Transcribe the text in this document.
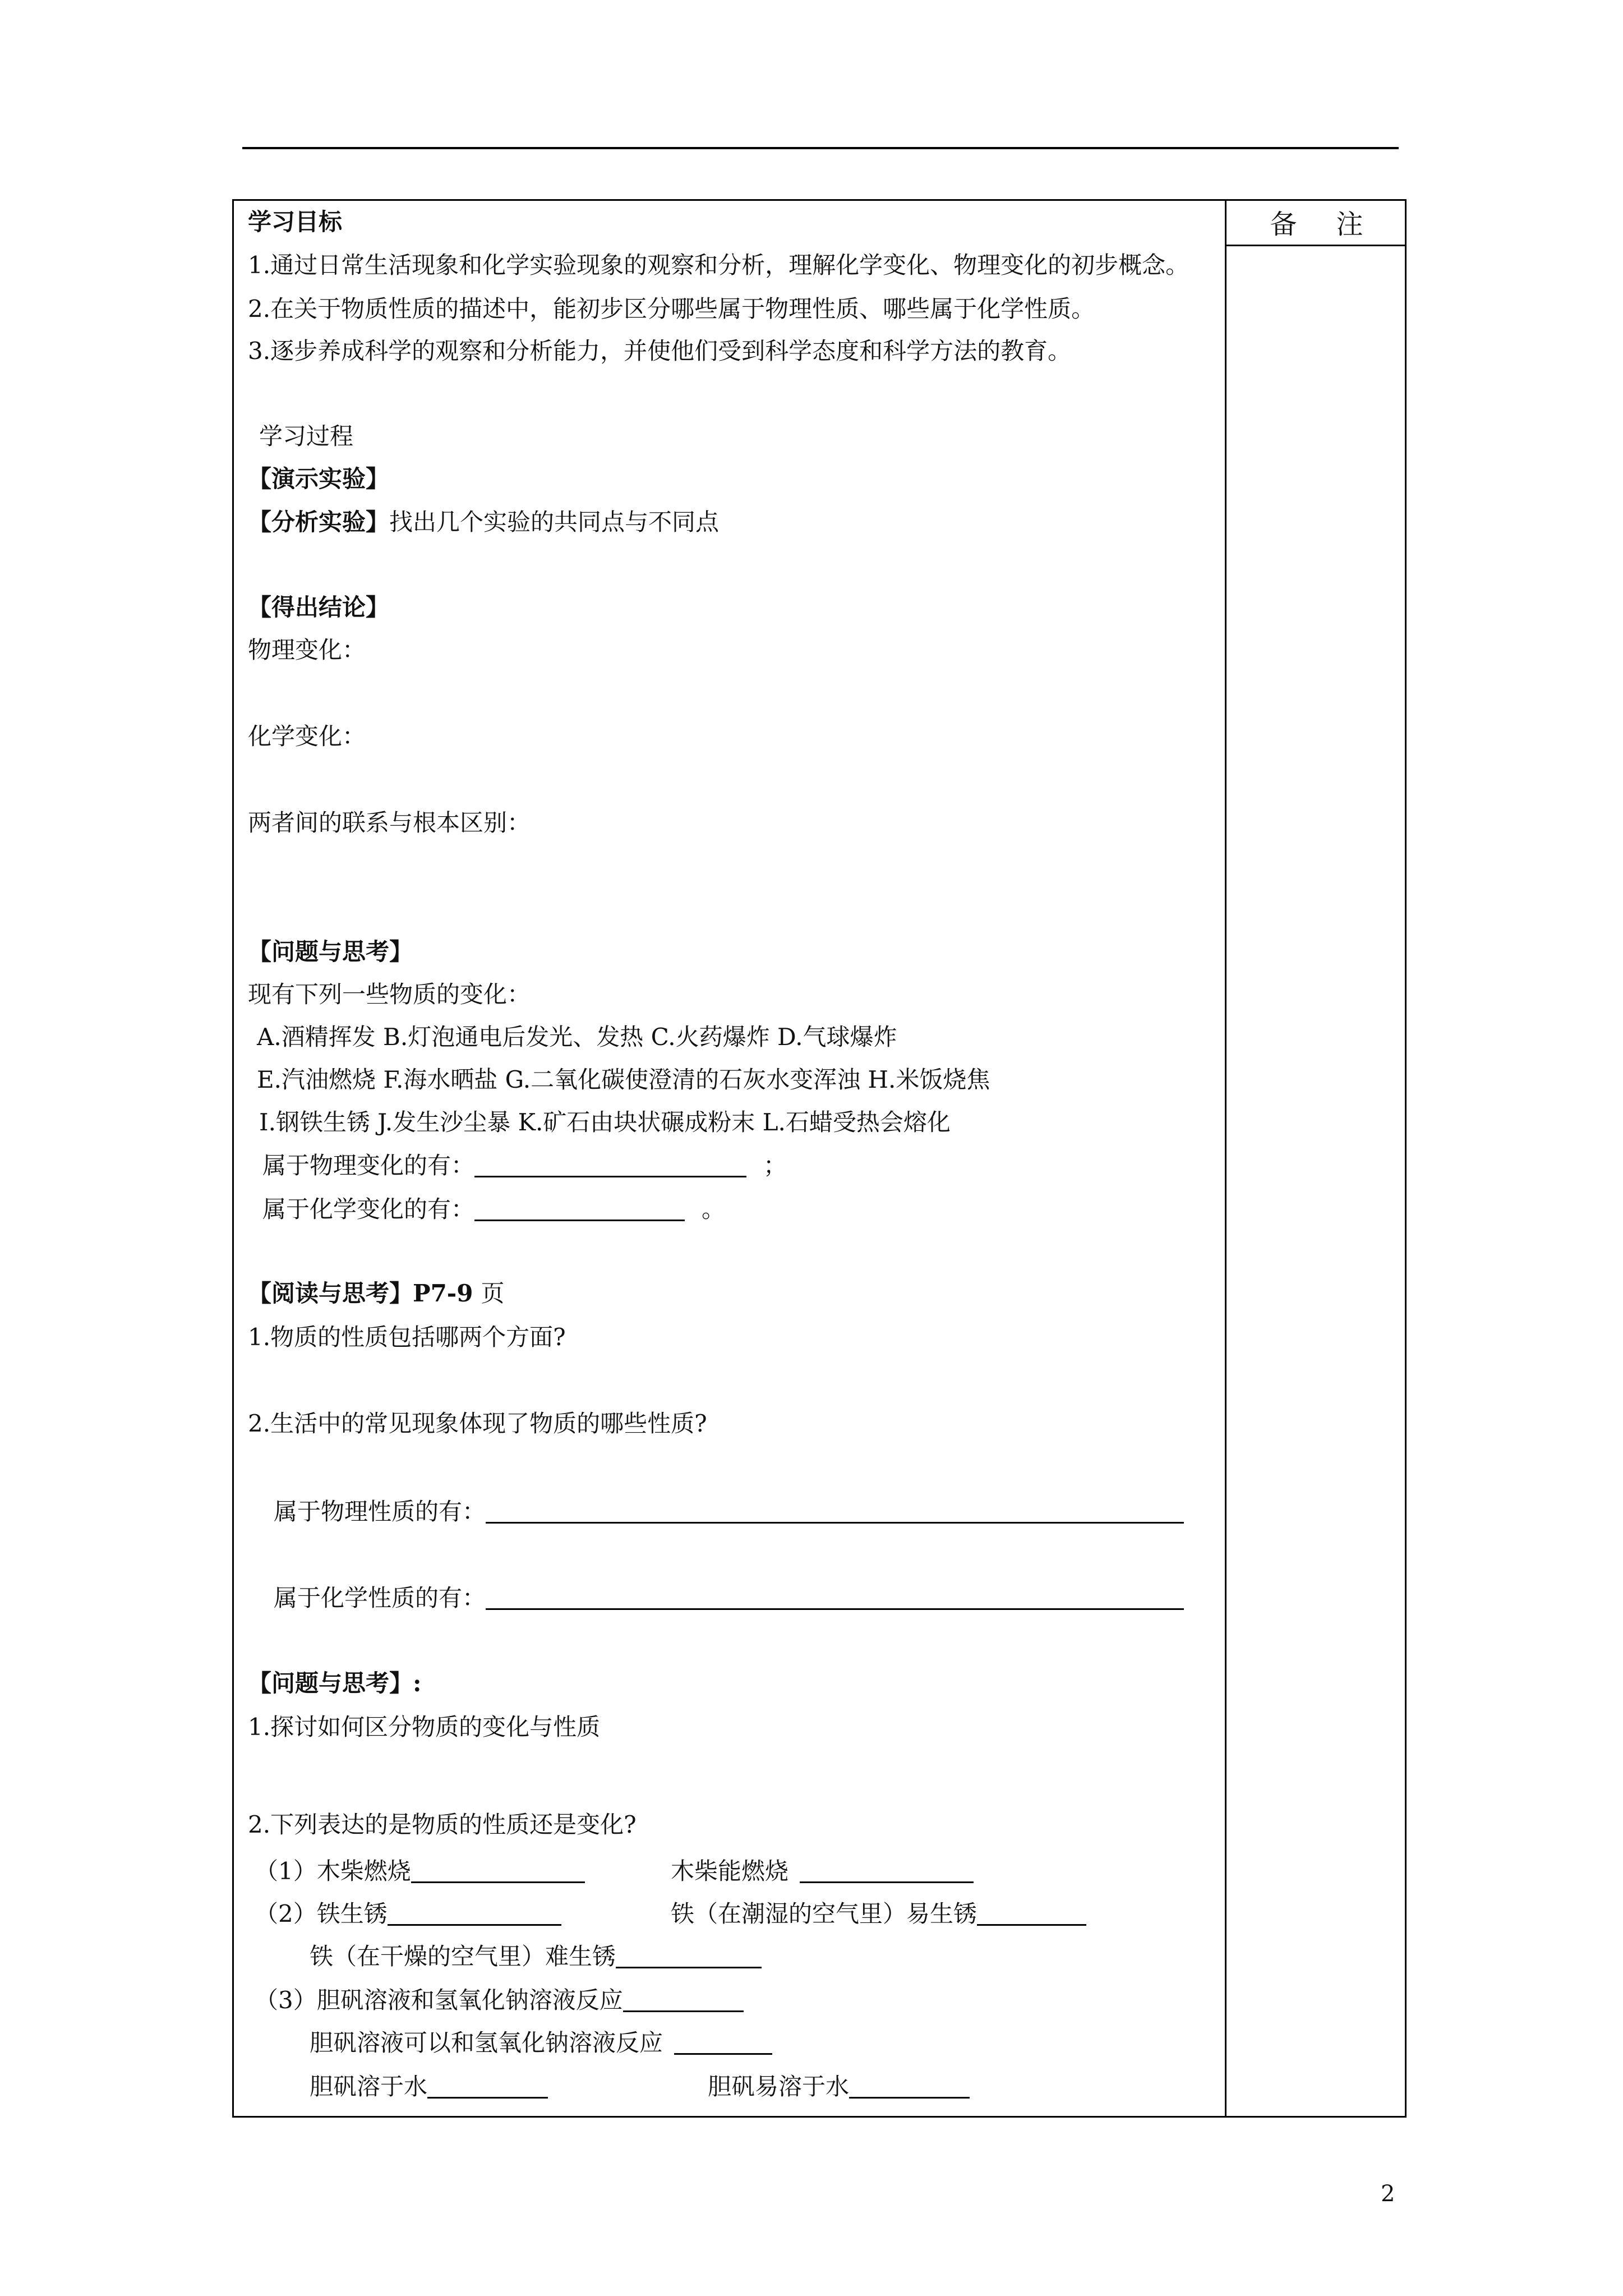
备注
学习目标
1.通过日常生活现象和化学实验现象的观察和分析，理解化学变化、物理变化的初步概念。
2.在关于物质性质的描述中，能初步区分哪些属于物理性质、哪些属于化学性质。
3.逐步养成科学的观察和分析能力，并使他们受到科学态度和科学方法的教育。
学习过程
【演示实验】
【分析实验】找出几个实验的共同点与不同点
【得出结论】
物理变化：
化学变化：
两者间的联系与根本区别：
【问题与思考】
现有下列一些物质的变化：
A.酒精挥发 B.灯泡通电后发光、发热 C.火药爆炸 D.气球爆炸
E.汽油燃烧 F.海水晒盐 G.二氧化碳使澄清的石灰水变浑浊 H.米饭烧焦
I.钢铁生锈 J.发生沙尘暴 K.矿石由块状碾成粉末 L.石蜡受热会熔化
属于物理变化的有：	；
属于化学变化的有：	。
【阅读与思考】P7-9 页
1.物质的性质包括哪两个方面?
2.生活中的常见现象体现了物质的哪些性质?
属于物理性质的有：
属于化学性质的有：
【问题与思考】:
1.探讨如何区分物质的变化与性质
2.下列表达的是物质的性质还是变化?
（1）木柴燃烧	木柴能燃烧
（2）铁生锈	铁（在潮湿的空气里）易生锈
铁（在干燥的空气里）难生锈
（3）胆矾溶液和氢氧化钠溶液反应
胆矾溶液可以和氢氧化钠溶液反应
胆矾溶于水	胆矾易溶于水
2
